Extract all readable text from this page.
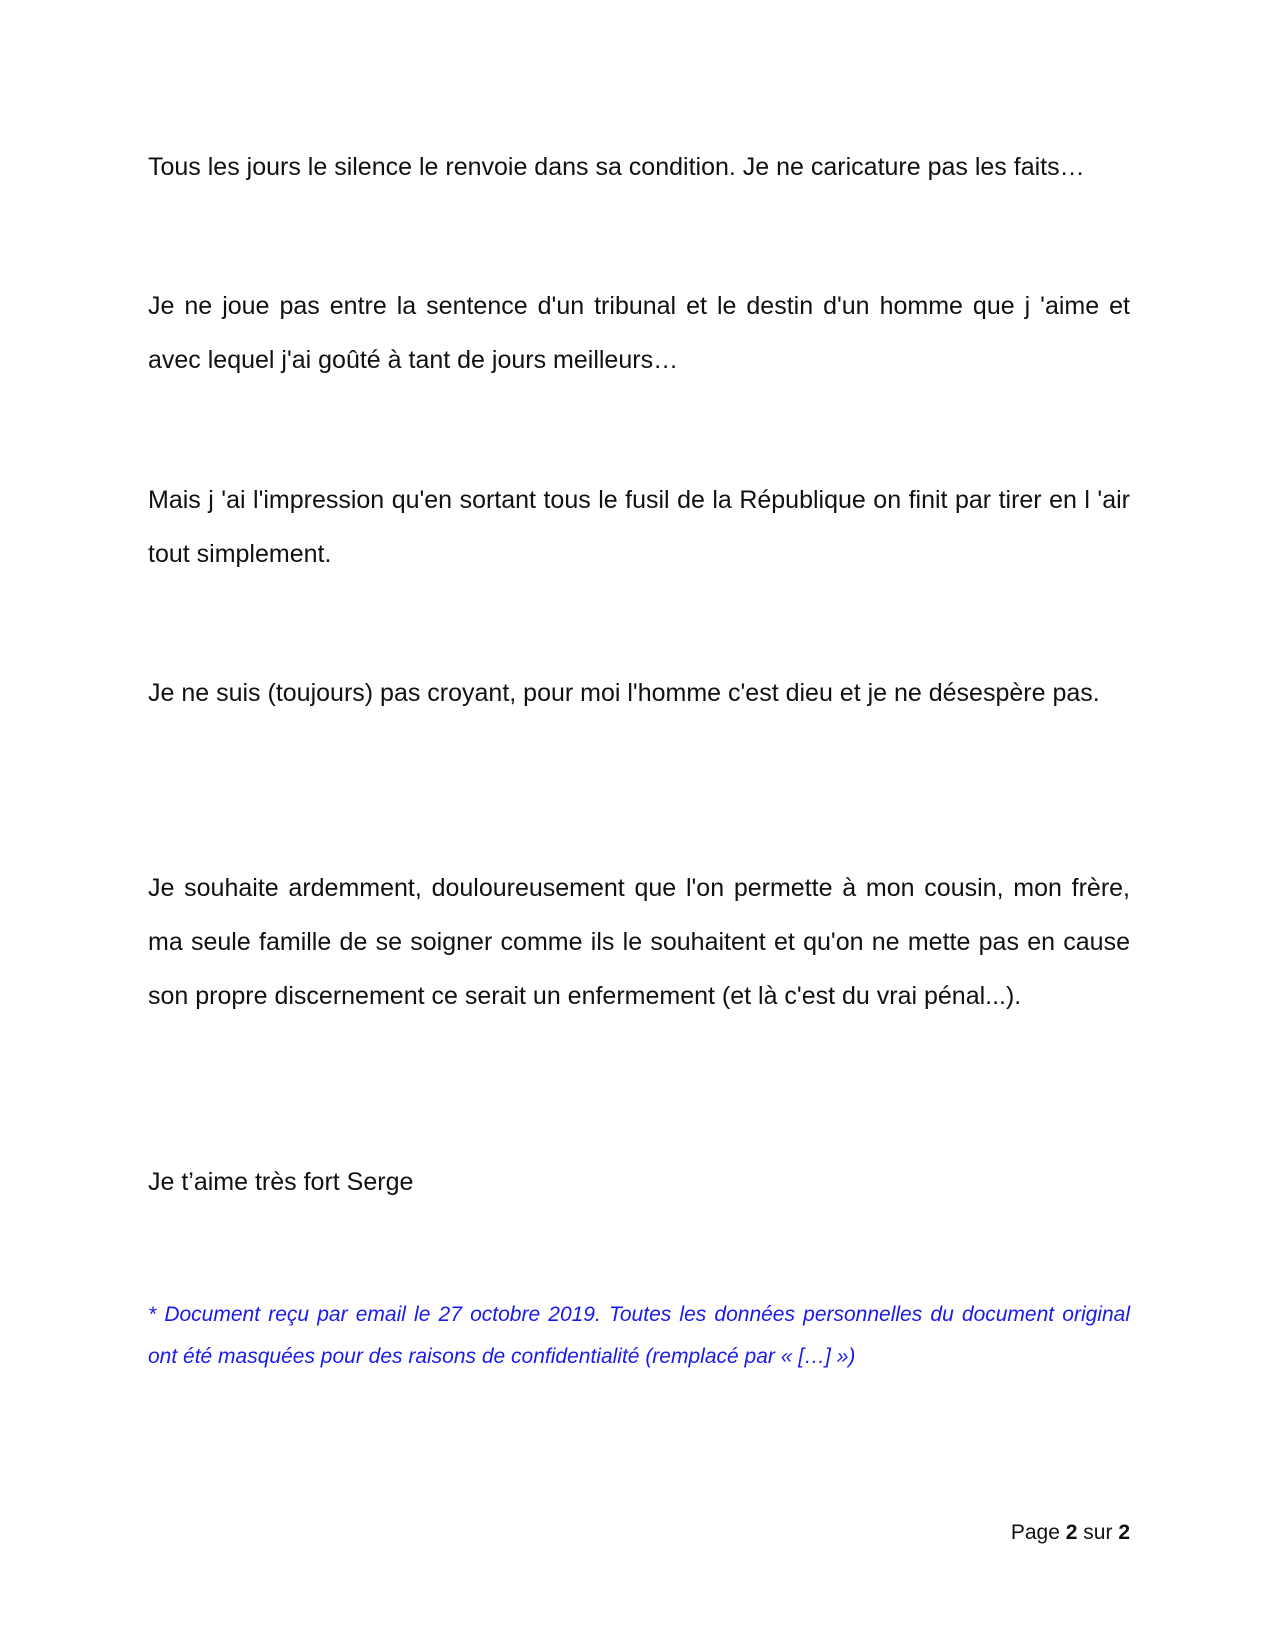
Tous les jours le silence le renvoie dans sa condition. Je ne caricature pas les faits…

Je ne joue pas entre la sentence d'un tribunal et le destin d'un homme que j 'aime et avec lequel j'ai goûté à tant de jours meilleurs…

Mais j 'ai l'impression qu'en sortant tous le fusil de la République on finit par tirer en l 'air tout simplement.

Je ne suis (toujours) pas croyant, pour moi l'homme c'est dieu et je ne désespère pas.

Je souhaite ardemment, douloureusement que l'on permette à mon cousin, mon frère, ma seule famille de se soigner comme ils le souhaitent et qu'on ne mette pas en cause son propre discernement ce serait un enfermement (et là c'est du vrai pénal...).

Je t’aime très fort Serge

* Document reçu par email le 27 octobre 2019. Toutes les données personnelles du document original ont été masquées pour des raisons de confidentialité (remplacé par « […] »)

Page 2 sur 2
